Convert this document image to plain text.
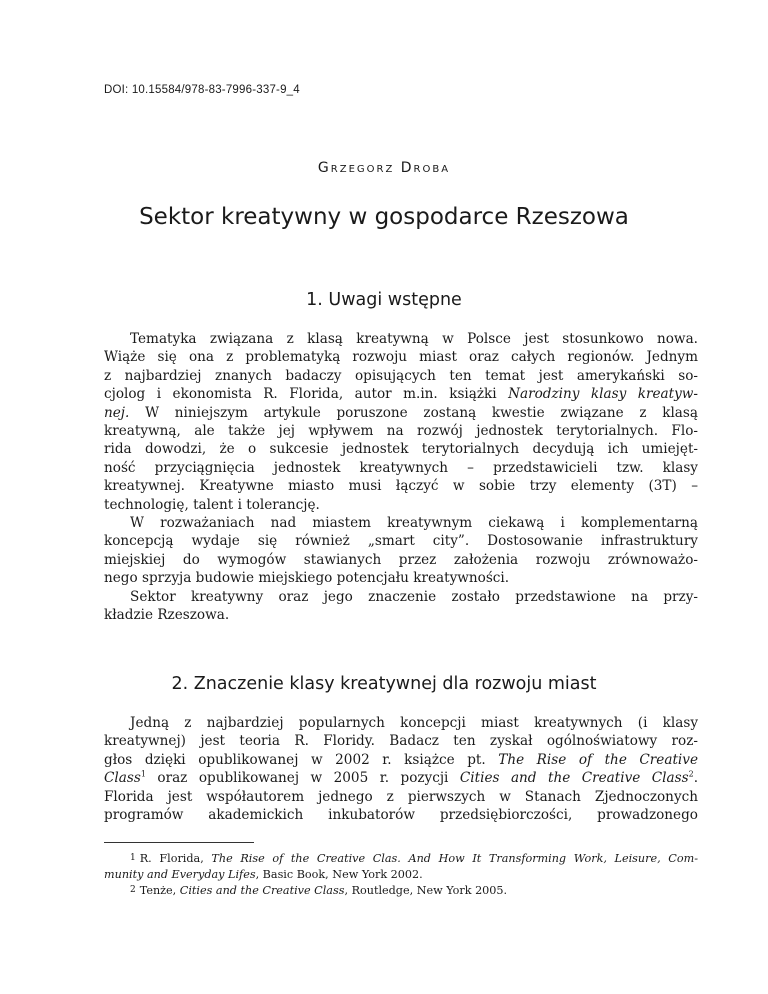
DOI: 10.15584/978-83-7996-337-9_4
Grzegorz Droba
Sektor kreatywny w gospodarce Rzeszowa
1. Uwagi wstępne
Tematyka związana z klasą kreatywną w Polsce jest stosunkowo nowa.
Wiąże się ona z problematyką rozwoju miast oraz całych regionów. Jednym
z najbardziej znanych badaczy opisujących ten temat jest amerykański so-
cjolog i ekonomista R. Florida, autor m.in. książki Narodziny klasy kreatyw-
nej. W niniejszym artykule poruszone zostaną kwestie związane z klasą
kreatywną, ale także jej wpływem na rozwój jednostek terytorialnych. Flo-
rida dowodzi, że o sukcesie jednostek terytorialnych decydują ich umiejęt-
ność przyciągnięcia jednostek kreatywnych – przedstawicieli tzw. klasy
kreatywnej. Kreatywne miasto musi łączyć w sobie trzy elementy (3T) –
technologię, talent i tolerancję.
W rozważaniach nad miastem kreatywnym ciekawą i komplementarną
koncepcją wydaje się również „smart city”. Dostosowanie infrastruktury
miejskiej do wymogów stawianych przez założenia rozwoju zrównoważo-
nego sprzyja budowie miejskiego potencjału kreatywności.
Sektor kreatywny oraz jego znaczenie zostało przedstawione na przy-
kładzie Rzeszowa.
2. Znaczenie klasy kreatywnej dla rozwoju miast
Jedną z najbardziej popularnych koncepcji miast kreatywnych (i klasy
kreatywnej) jest teoria R. Floridy. Badacz ten zyskał ogólnoświatowy roz-
głos dzięki opublikowanej w 2002 r. książce pt. The Rise of the Creative
Class$^1$ oraz opublikowanej w 2005 r. pozycji Cities and the Creative Class$^2$.
Florida jest współautorem jednego z pierwszych w Stanach Zjednoczonych
programów akademickich inkubatorów przedsiębiorczości, prowadzonego
1 R. Florida, The Rise of the Creative Clas. And How It Transforming Work, Leisure, Com-
munity and Everyday Lifes, Basic Book, New York 2002.
2 Tenże, Cities and the Creative Class, Routledge, New York 2005.
